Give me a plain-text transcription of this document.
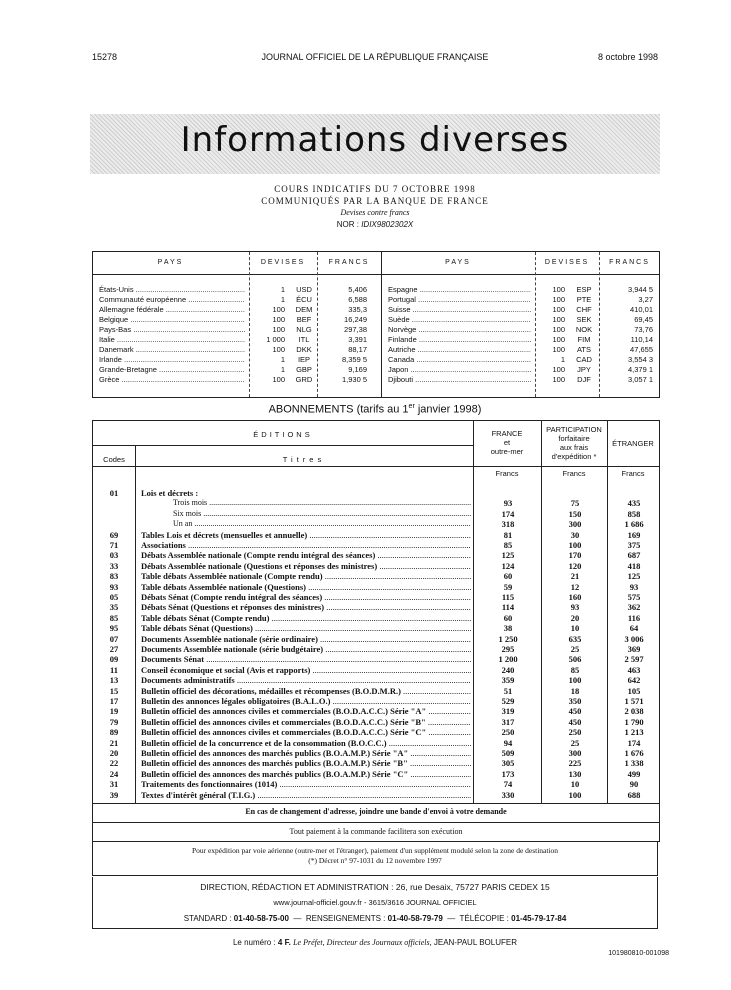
15278	JOURNAL OFFICIEL DE LA RÉPUBLIQUE FRANÇAISE	8 octobre 1998
Informations diverses
COURS INDICATIFS DU 7 OCTOBRE 1998
COMMUNIQUÉS PAR LA BANQUE DE FRANCE
Devises contre francs
NOR : IDIX9802302X
PAYS	DEVISES	FRANCS	PAYS	DEVISES	FRANCS
États-Unis .....	1	USD	5,406
Communauté européenne .....	1	ÉCU	6,588
Allemagne fédérale .....	100	DEM	335,3
Belgique .....	100	BEF	16,249
Pays-Bas .....	100	NLG	297,38
Italie .....	1 000	ITL	3,391
Danemark .....	100	DKK	88,17
Irlande .....	1	IEP	8,359 5
Grande-Bretagne .....	1	GBP	9,169
Grèce .....	100	GRD	1,930 5
Espagne .....	100	ESP	3,944 5
Portugal .....	100	PTE	3,27
Suisse .....	100	CHF	410,01
Suède .....	100	SEK	69,45
Norvège .....	100	NOK	73,76
Finlande .....	100	FIM	110,14
Autriche .....	100	ATS	47,655
Canada .....	1	CAD	3,554 3
Japon .....	100	JPY	4,379 1
Djibouti .....	100	DJF	3,057 1
ABONNEMENTS (tarifs au 1er janvier 1998)
ÉDITIONS
Codes	Titres
FRANCE
et
outre-mer
PARTICIPATION
forfaitaire
aux frais
d'expédition *
ÉTRANGER
Francs	Francs	Francs
01	Lois et décrets :
Trois mois .....	93	75	435
Six mois .....	174	150	858
Un an .....	318	300	1 686
69	Tables Lois et décrets (mensuelles et annuelle) .....	81	30	169
71	Associations .....	85	100	375
03	Débats Assemblée nationale (Compte rendu intégral des séances) .....	125	170	687
33	Débats Assemblée nationale (Questions et réponses des ministres) .....	124	120	418
83	Table débats Assemblée nationale (Compte rendu) .....	60	21	125
93	Table débats Assemblée nationale (Questions) .....	59	12	93
05	Débats Sénat (Compte rendu intégral des séances) .....	115	160	575
35	Débats Sénat (Questions et réponses des ministres) .....	114	93	362
85	Table débats Sénat (Compte rendu) .....	60	20	116
95	Table débats Sénat (Questions) .....	38	10	64
07	Documents Assemblée nationale (série ordinaire) .....	1 250	635	3 006
27	Documents Assemblée nationale (série budgétaire) .....	295	25	369
09	Documents Sénat .....	1 200	506	2 597
11	Conseil économique et social (Avis et rapports) .....	240	85	463
13	Documents administratifs .....	359	100	642
15	Bulletin officiel des décorations, médailles et récompenses (B.O.D.M.R.) .....	51	18	105
17	Bulletin des annonces légales obligatoires (B.A.L.O.) .....	529	350	1 571
19	Bulletin officiel des annonces civiles et commerciales (B.O.D.A.C.C.) Série "A" .....	319	450	2 038
79	Bulletin officiel des annonces civiles et commerciales (B.O.D.A.C.C.) Série "B" .....	317	450	1 790
89	Bulletin officiel des annonces civiles et commerciales (B.O.D.A.C.C.) Série "C" .....	250	250	1 213
21	Bulletin officiel de la concurrence et de la consommation (B.O.C.C.) .....	94	25	174
20	Bulletin officiel des annonces des marchés publics (B.O.A.M.P.) Série "A" .....	509	300	1 676
22	Bulletin officiel des annonces des marchés publics (B.O.A.M.P.) Série "B" .....	305	225	1 338
24	Bulletin officiel des annonces des marchés publics (B.O.A.M.P.) Série "C" .....	173	130	499
31	Traitements des fonctionnaires (1014) .....	74	10	90
39	Textes d'intérêt général (T.I.G.) .....	330	100	688
En cas de changement d'adresse, joindre une bande d'envoi à votre demande
Tout paiement à la commande facilitera son exécution
Pour expédition par voie aérienne (outre-mer et l'étranger), paiement d'un supplément modulé selon la zone de destination
(*) Décret n° 97-1031 du 12 novembre 1997
DIRECTION, RÉDACTION ET ADMINISTRATION : 26, rue Desaix, 75727 PARIS CEDEX 15
www.journal-officiel.gouv.fr - 3615/3616 JOURNAL OFFICIEL
STANDARD : 01-40-58-75-00  —  RENSEIGNEMENTS : 01-40-58-79-79  —  TÉLÉCOPIE : 01-45-79-17-84
Le numéro : 4 F. Le Préfet, Directeur des Journaux officiels, JEAN-PAUL BOLUFER
101980810-001098
